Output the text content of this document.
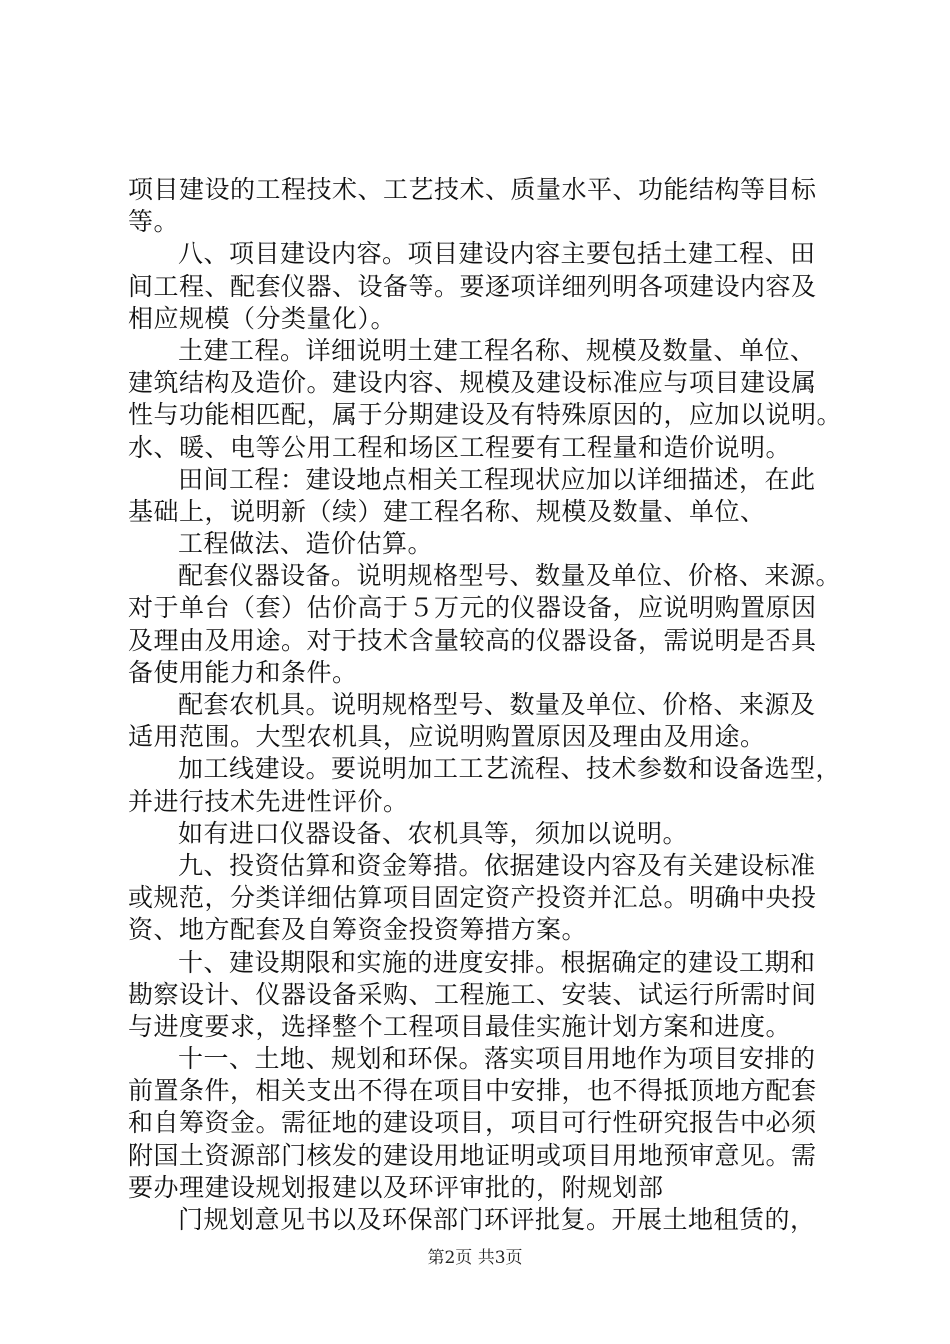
项目建设的工程技术、工艺技术、质量水平、功能结构等目标
等。
八、项目建设内容。项目建设内容主要包括土建工程、田
间工程、配套仪器、设备等。要逐项详细列明各项建设内容及
相应规模（分类量化）。
土建工程。详细说明土建工程名称、规模及数量、单位、
建筑结构及造价。建设内容、规模及建设标准应与项目建设属
性与功能相匹配，属于分期建设及有特殊原因的，应加以说明。
水、暖、电等公用工程和场区工程要有工程量和造价说明。
田间工程：建设地点相关工程现状应加以详细描述，在此
基础上，说明新（续）建工程名称、规模及数量、单位、
工程做法、造价估算。
配套仪器设备。说明规格型号、数量及单位、价格、来源。
对于单台（套）估价高于５万元的仪器设备，应说明购置原因
及理由及用途。对于技术含量较高的仪器设备，需说明是否具
备使用能力和条件。
配套农机具。说明规格型号、数量及单位、价格、来源及
适用范围。大型农机具，应说明购置原因及理由及用途。
加工线建设。要说明加工工艺流程、技术参数和设备选型，
并进行技术先进性评价。
如有进口仪器设备、农机具等，须加以说明。
九、投资估算和资金筹措。依据建设内容及有关建设标准
或规范，分类详细估算项目固定资产投资并汇总。明确中央投
资、地方配套及自筹资金投资筹措方案。
十、建设期限和实施的进度安排。根据确定的建设工期和
勘察设计、仪器设备采购、工程施工、安装、试运行所需时间
与进度要求，选择整个工程项目最佳实施计划方案和进度。
十一、土地、规划和环保。落实项目用地作为项目安排的
前置条件，相关支出不得在项目中安排，也不得抵顶地方配套
和自筹资金。需征地的建设项目，项目可行性研究报告中必须
附国土资源部门核发的建设用地证明或项目用地预审意见。需
要办理建设规划报建以及环评审批的，附规划部
门规划意见书以及环保部门环评批复。开展土地租赁的，
第2页 共3页
